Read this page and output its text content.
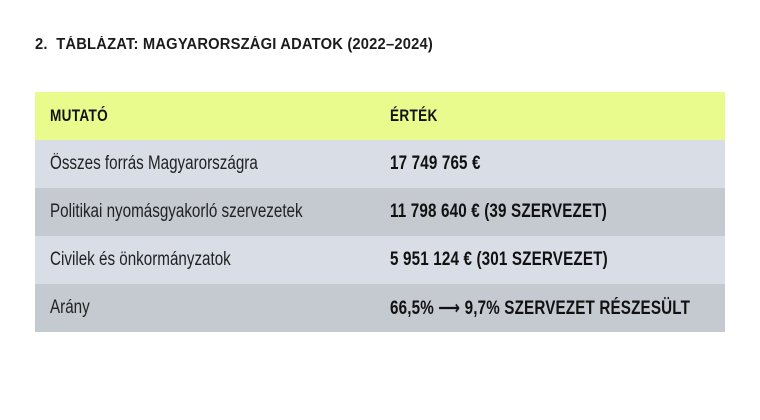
2.  TÁBLÁZAT: MAGYARORSZÁGI ADATOK (2022–2024)
MUTATÓ	ÉRTÉK
Összes forrás Magyarországra	17 749 765 €
Politikai nyomásgyakorló szervezetek	11 798 640 € (39 SZERVEZET)
Civilek és önkormányzatok	5 951 124 € (301 SZERVEZET)
Arány	66,5% ⟶ 9,7% SZERVEZET RÉSZESÜLT
